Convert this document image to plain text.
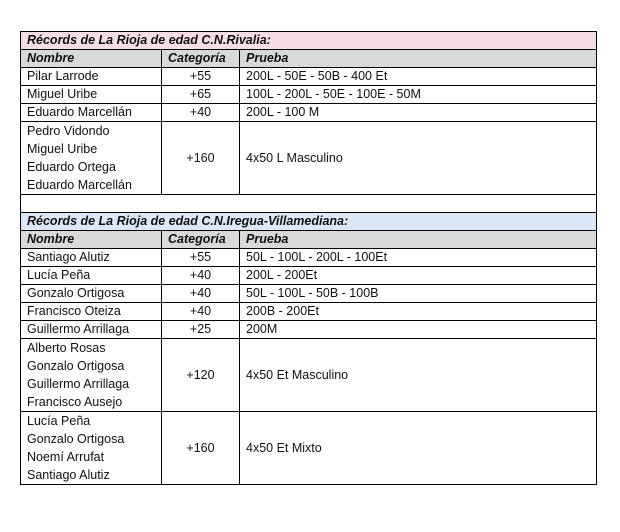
Récords de La Rioja de edad C.N.Rivalia:		
Nombre	Categoría	Prueba
Pilar Larrode	+55	200L - 50E - 50B - 400 Et
Miguel Uribe	+65	100L - 200L - 50E - 100E - 50M
Eduardo Marcellán	+40	200L - 100 M

Pedro Vidondo
Miguel Uribe
Eduardo Ortega
Eduardo Marcellán	+160	4x50 L Masculino

Récords de La Rioja de edad C.N.Iregua-Villamediana:		
Nombre	Categoría	Prueba
Santiago Alutiz	+55	50L - 100L - 200L - 100Et
Lucía Peña	+40	200L - 200Et
Gonzalo Ortigosa	+40	50L - 100L - 50B - 100B
Francisco Oteiza	+40	200B - 200Et
Guillermo Arrillaga	+25	200M

Alberto Rosas
Gonzalo Ortigosa
Guillermo Arrillaga
Francisco Ausejo	+120	4x50 Et Masculino

Lucía Peña
Gonzalo Ortigosa
Noemí Arrufat
Santiago Alutiz	+160	4x50 Et Mixto
